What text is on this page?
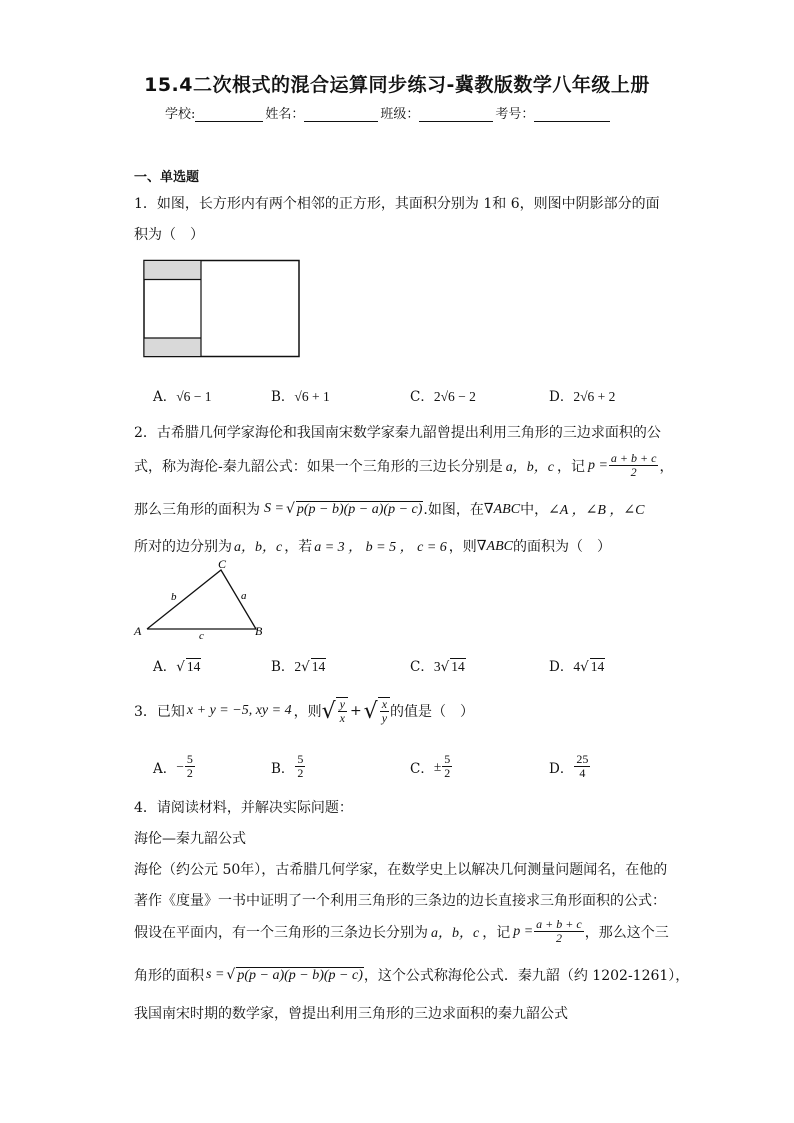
15.4二次根式的混合运算同步练习-冀教版数学八年级上册
学校:	姓名：	班级：	考号：
一、单选题
1．如图，长方形内有两个相邻的正方形，其面积分别为 1和 6，则图中阴影部分的面
积为（　）
A．√6 − 1	B．√6 + 1	C．2√6 − 2	D．2√6 + 2
2．古希腊几何学家海伦和我国南宋数学家秦九韶曾提出利用三角形的三边求面积的公
式，称为海伦-秦九韶公式：如果一个三角形的三边长分别是 a，b，c ，记 $p = \frac{a + b + c}{2}$ ，
那么三角形的面积为 S = √ p(p − b)(p − a)(p − c) .如图，在 ∇ABC 中， ∠A ，∠B ，∠C
所对的边分别为 a，b，c ，若 a = 3 ， b = 5 ， c = 6 ，则 ∇ABC 的面积为（　）
A	B
C
a
b
c
A．√ 14	B．2√ 14	C．3√ 14	D．4√ 14
3．已知 x + y = −5, xy = 4 ，则 √ $\frac{y}{x}$ + √ $\frac{x}{y}$ 的值是（　）
A． − $\frac{5}{2}$	B． $\frac{5}{2}$	C． ± $\frac{5}{2}$	D． $\frac{25}{4}$
4．请阅读材料，并解决实际问题：
海伦—秦九韶公式
海伦（约公元 50年），古希腊几何学家，在数学史上以解决几何测量问题闻名，在他的
著作《度量》一书中证明了一个利用三角形的三条边的边长直接求三角形面积的公式：
假设在平面内，有一个三角形的三条边长分别为 a，b，c ，记 $p = \frac{a + b + c}{2}$ ，那么这个三
角形的面积 s = √ p(p − a)(p − b)(p − c) ，这个公式称海伦公式．秦九韶（约 1202-1261），
我国南宋时期的数学家，曾提出利用三角形的三边求面积的秦九韶公式
